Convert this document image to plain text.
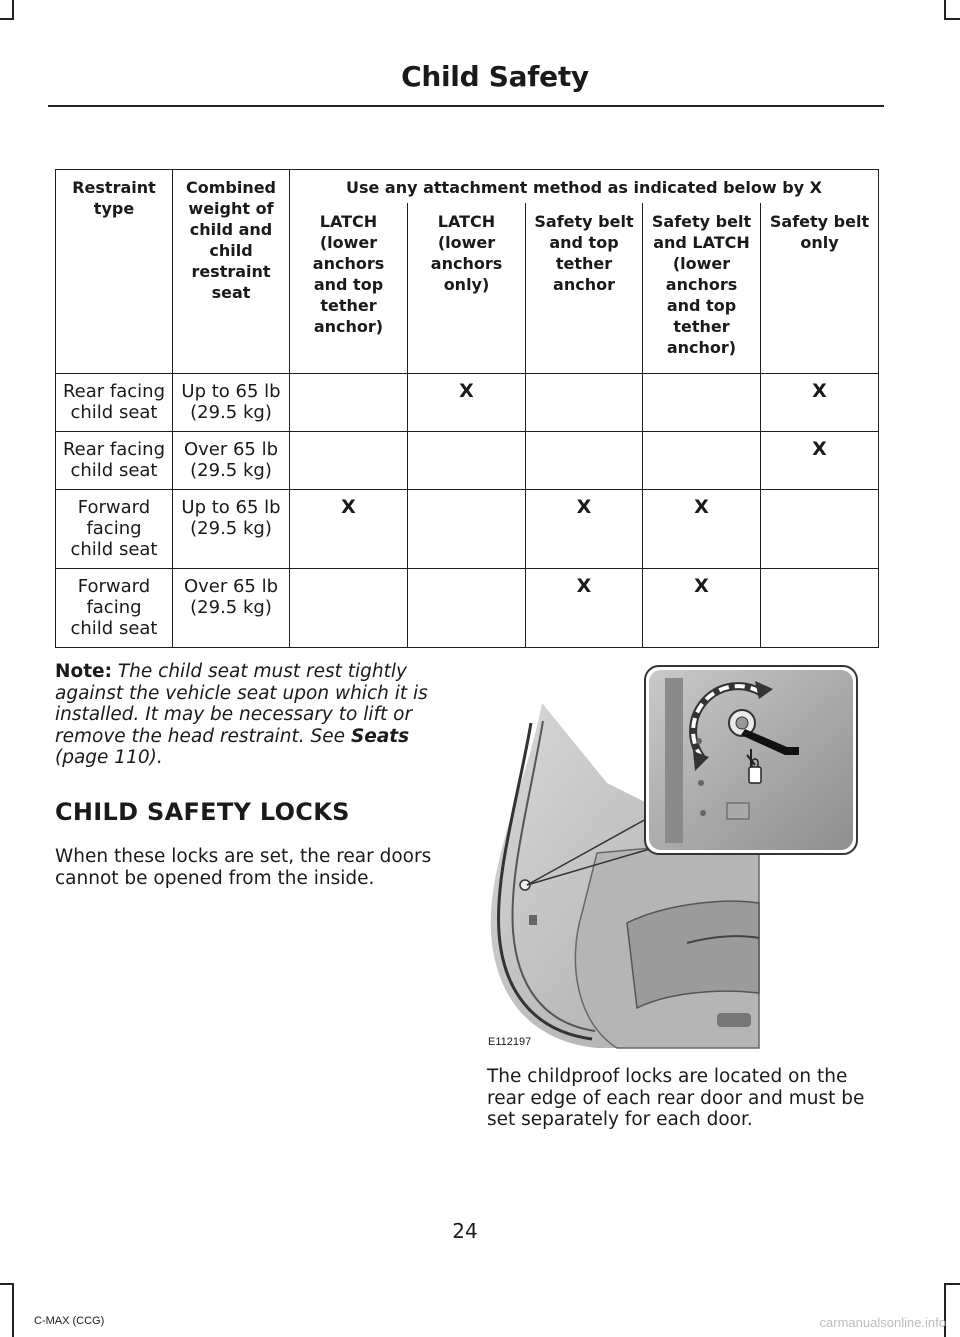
Child Safety
Restraint type	Combined weight of child and child restraint seat	Use any attachment method as indicated below by X				
		LATCH (lower anchors and top tether anchor)	LATCH (lower anchors only)	Safety belt and top tether anchor	Safety belt and LATCH (lower anchors and top tether anchor)	Safety belt only
Rear facing child seat	Up to 65 lb (29.5 kg)		X			X
Rear facing child seat	Over 65 lb (29.5 kg)					X
Forward facing child seat	Up to 65 lb (29.5 kg)	X		X	X	
Forward facing child seat	Over 65 lb (29.5 kg)			X	X	
Note: The child seat must rest tightly against the vehicle seat upon which it is installed. It may be necessary to lift or remove the head restraint. See Seats (page 110).
CHILD SAFETY LOCKS
When these locks are set, the rear doors cannot be opened from the inside.
E112197
The childproof locks are located on the rear edge of each rear door and must be set separately for each door.
24
C-MAX (CCG)	carmanualsonline.info
